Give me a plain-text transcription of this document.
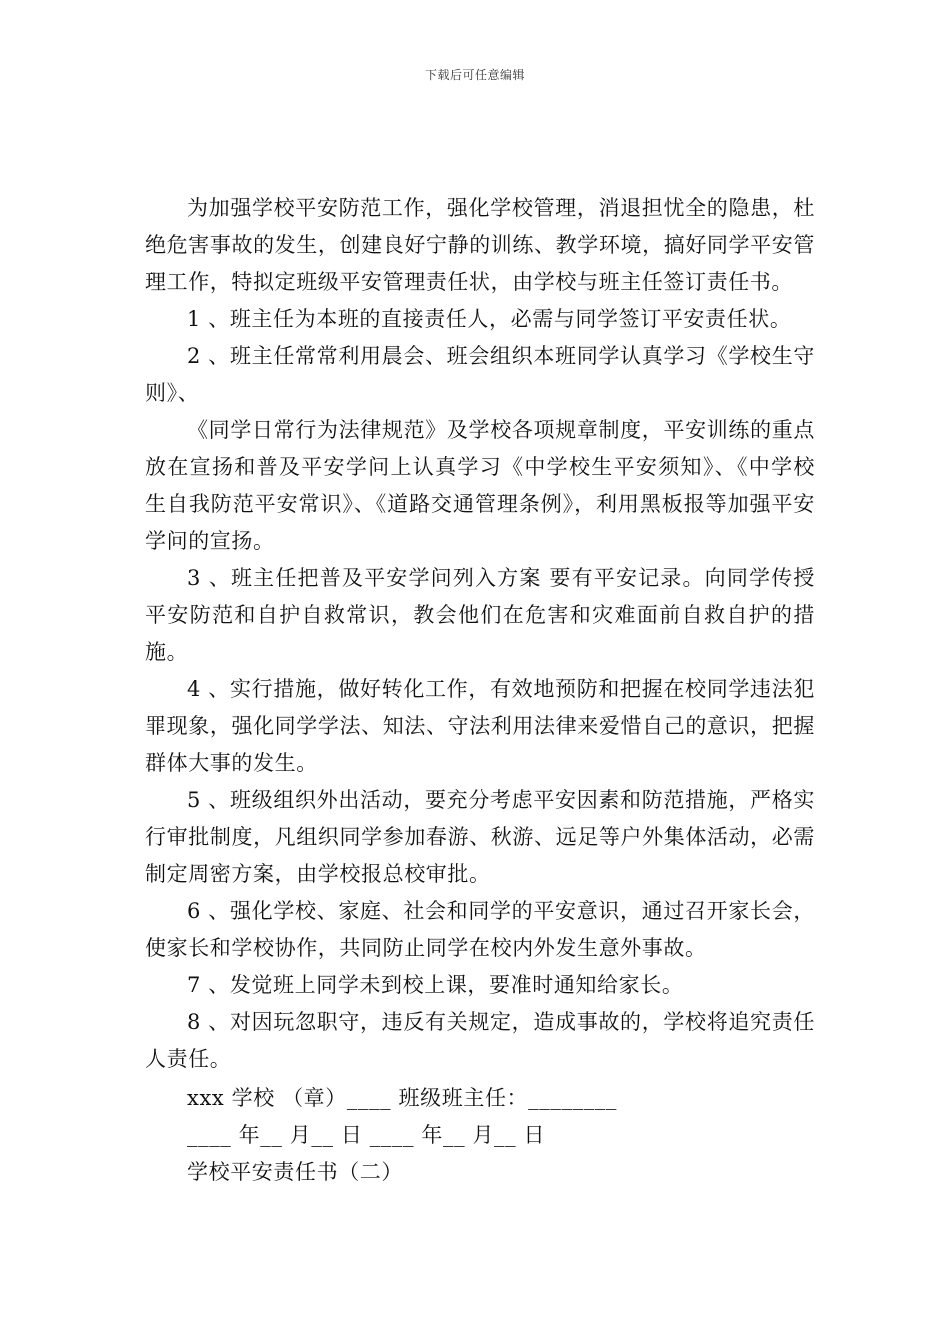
下载后可任意编辑

为加强学校平安防范工作，强化学校管理，消退担忧全的隐患，杜绝危害事故的发生，创建良好宁静的训练、教学环境，搞好同学平安管理工作，特拟定班级平安管理责任状，由学校与班主任签订责任书。

1 、班主任为本班的直接责任人，必需与同学签订平安责任状。

2 、班主任常常利用晨会、班会组织本班同学认真学习《学校生守则》、

《同学日常行为法律规范》及学校各项规章制度，平安训练的重点放在宣扬和普及平安学问上认真学习《中学校生平安须知》、《中学校生自我防范平安常识》、《道路交通管理条例》，利用黑板报等加强平安学问的宣扬。

3 、班主任把普及平安学问列入方案 要有平安记录。向同学传授平安防范和自护自救常识，教会他们在危害和灾难面前自救自护的措施。

4 、实行措施，做好转化工作，有效地预防和把握在校同学违法犯罪现象，强化同学学法、知法、守法利用法律来爱惜自己的意识，把握群体大事的发生。

5 、班级组织外出活动，要充分考虑平安因素和防范措施，严格实行审批制度，凡组织同学参加春游、秋游、远足等户外集体活动，必需制定周密方案，由学校报总校审批。

6 、强化学校、家庭、社会和同学的平安意识，通过召开家长会，使家长和学校协作，共同防止同学在校内外发生意外事故。

7 、发觉班上同学未到校上课，要准时通知给家长。

8 、对因玩忽职守，违反有关规定，造成事故的，学校将追究责任人责任。

xxx 学校 （章）____ 班级班主任：________

____ 年__ 月__ 日 ____ 年__ 月__ 日

学校平安责任书（二）
